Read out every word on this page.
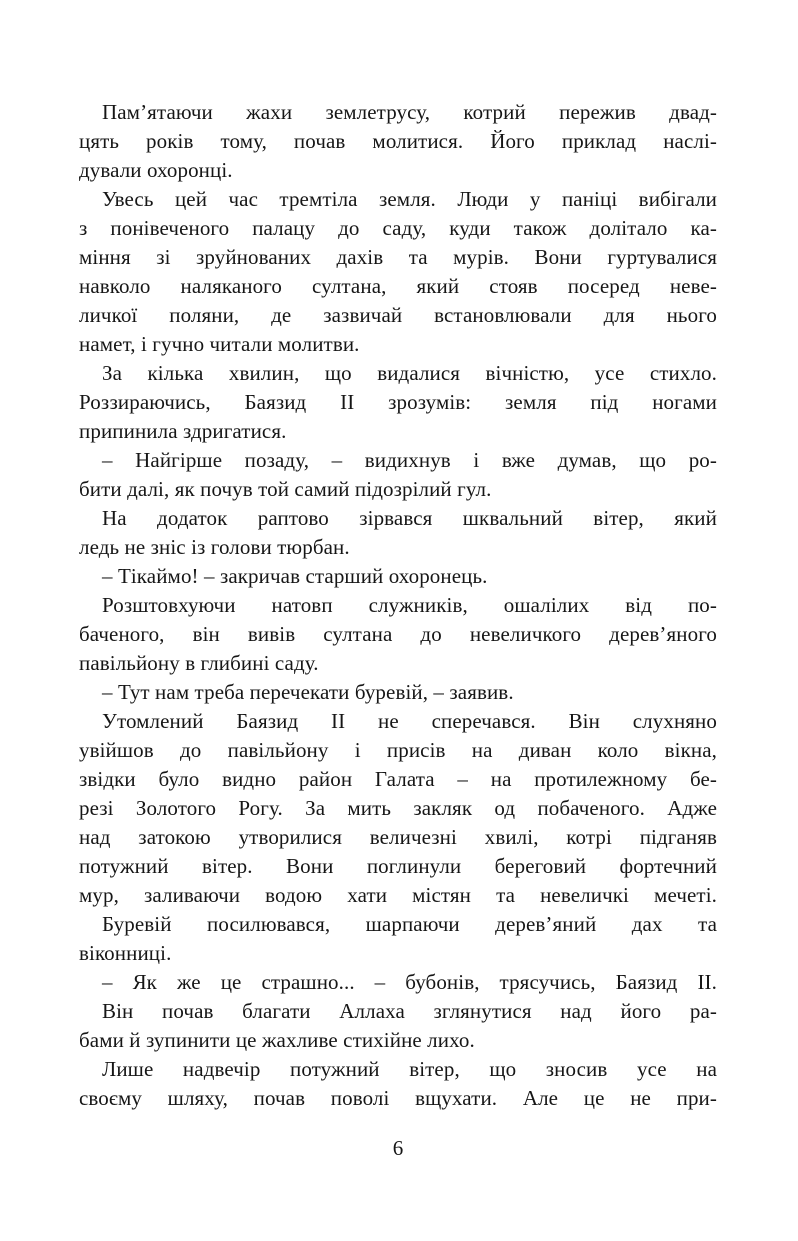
Пам’ятаючи жахи землетрусу, котрий пережив двад-
цять років тому, почав молитися. Його приклад наслі-
дували охоронці.
Увесь цей час тремтіла земля. Люди у паніці вибігали
з понівеченого палацу до саду, куди також долітало ка-
міння зі зруйнованих дахів та мурів. Вони гуртувалися
навколо наляканого султана, який стояв посеред неве-
личкої поляни, де зазвичай встановлювали для нього
намет, і гучно читали молитви.
За кілька хвилин, що видалися вічністю, усе стихло.
Роззираючись, Баязид II зрозумів: земля під ногами
припинила здригатися.
– Найгірше позаду, – видихнув і вже думав, що ро-
бити далі, як почув той самий підозрілий гул.
На додаток раптово зірвався шквальний вітер, який
ледь не зніс із голови тюрбан.
– Тікаймо! – закричав старший охоронець.
Розштовхуючи натовп служників, ошалілих від по-
баченого, він вивів султана до невеличкого дерев’яного
павільйону в глибині саду.
– Тут нам треба перечекати буревій, – заявив.
Утомлений Баязид II не сперечався. Він слухняно
увійшов до павільйону і присів на диван коло вікна,
звідки було видно район Галата – на протилежному бе-
резі Золотого Рогу. За мить закляк од побаченого. Адже
над затокою утворилися величезні хвилі, котрі підганяв
потужний вітер. Вони поглинули береговий фортечний
мур, заливаючи водою хати містян та невеличкі мечеті.
Буревій посилювався, шарпаючи дерев’яний дах та
віконниці.
– Як же це страшно... – бубонів, трясучись, Баязид II.
Він почав благати Аллаха зглянутися над його ра-
бами й зупинити це жахливе стихійне лихо.
Лише надвечір потужний вітер, що зносив усе на
своєму шляху, почав поволі вщухати. Але це не при-
6
